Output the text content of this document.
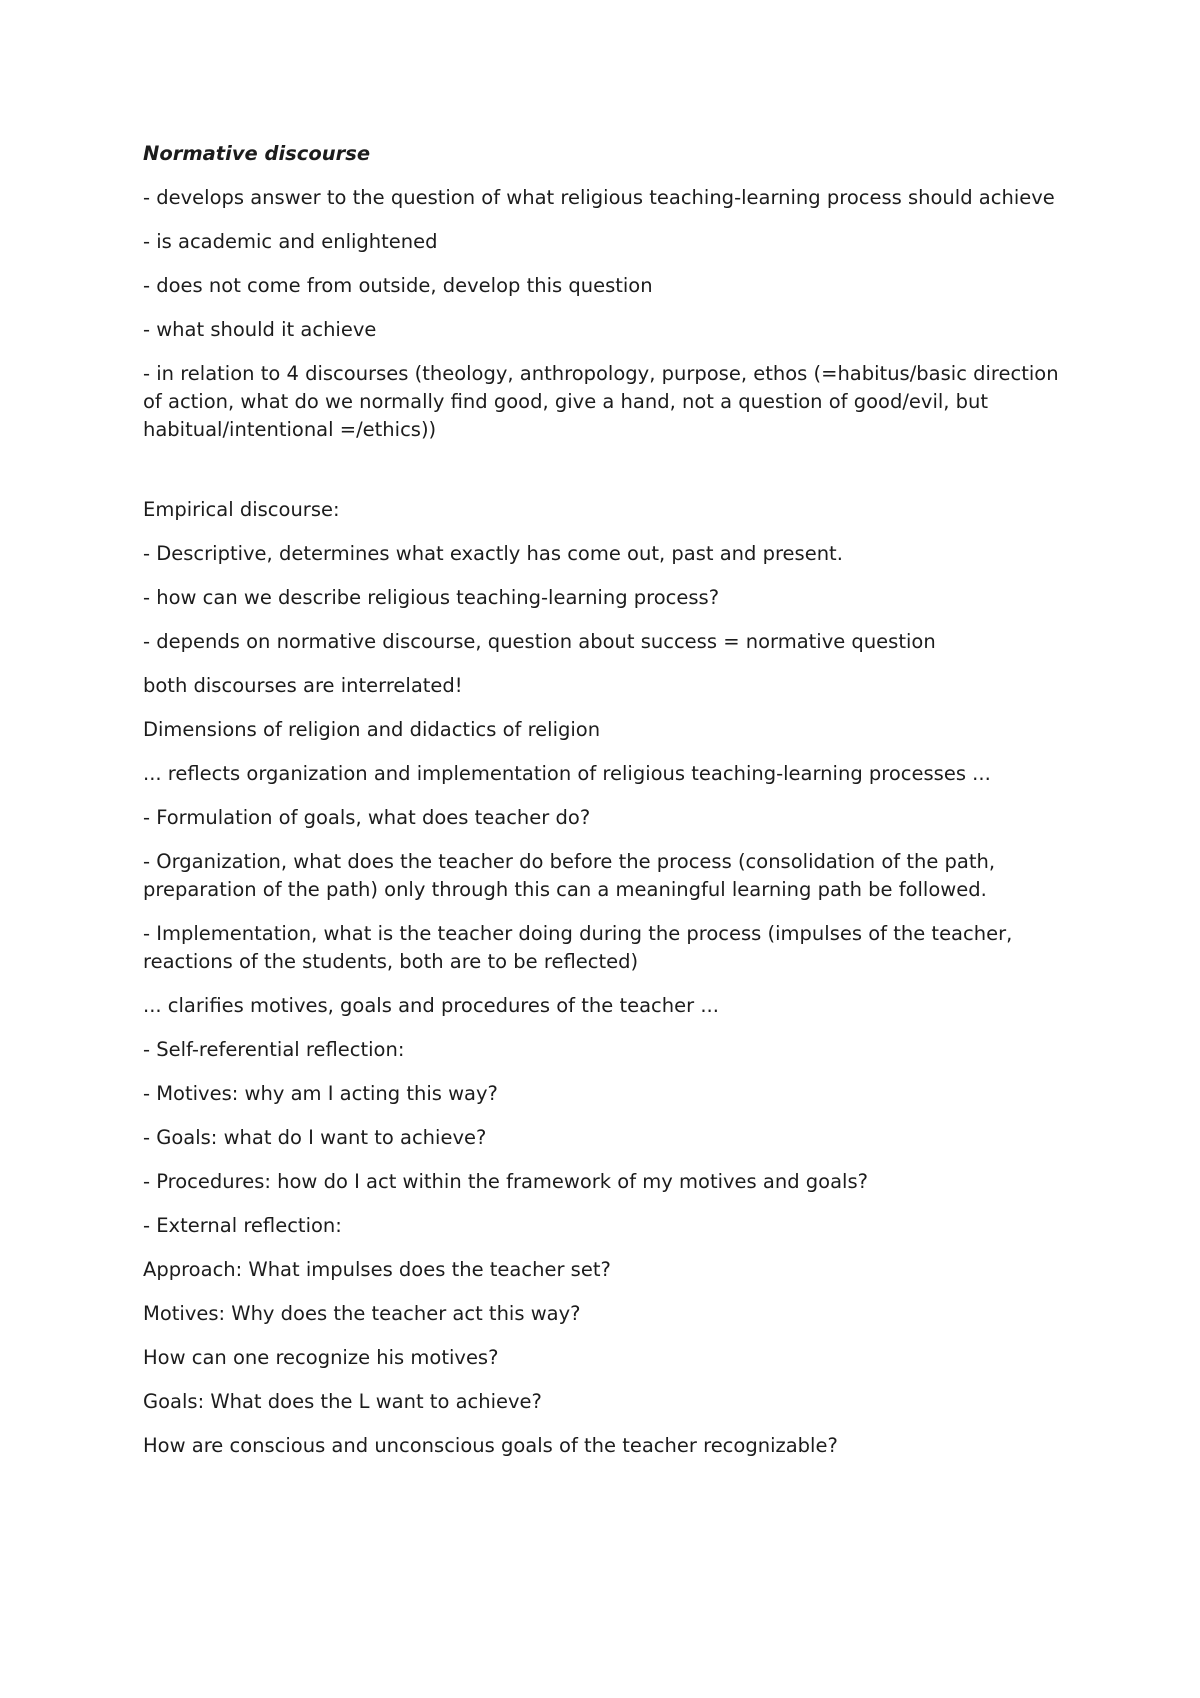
Normative discourse

- develops answer to the question of what religious teaching-learning process should achieve

- is academic and enlightened

- does not come from outside, develop this question

- what should it achieve

- in relation to 4 discourses (theology, anthropology, purpose, ethos (=habitus/basic direction of action, what do we normally find good, give a hand, not a question of good/evil, but habitual/intentional =/ethics))

Empirical discourse:

- Descriptive, determines what exactly has come out, past and present.

- how can we describe religious teaching-learning process?

- depends on normative discourse, question about success = normative question

both discourses are interrelated!

Dimensions of religion and didactics of religion

... reflects organization and implementation of religious teaching-learning processes ...

- Formulation of goals, what does teacher do?

- Organization, what does the teacher do before the process (consolidation of the path, preparation of the path) only through this can a meaningful learning path be followed.

- Implementation, what is the teacher doing during the process (impulses of the teacher, reactions of the students, both are to be reflected)

... clarifies motives, goals and procedures of the teacher ...

- Self-referential reflection:

- Motives: why am I acting this way?

- Goals: what do I want to achieve?

- Procedures: how do I act within the framework of my motives and goals?

- External reflection:

Approach: What impulses does the teacher set?

Motives: Why does the teacher act this way?

How can one recognize his motives?

Goals: What does the L want to achieve?

How are conscious and unconscious goals of the teacher recognizable?
